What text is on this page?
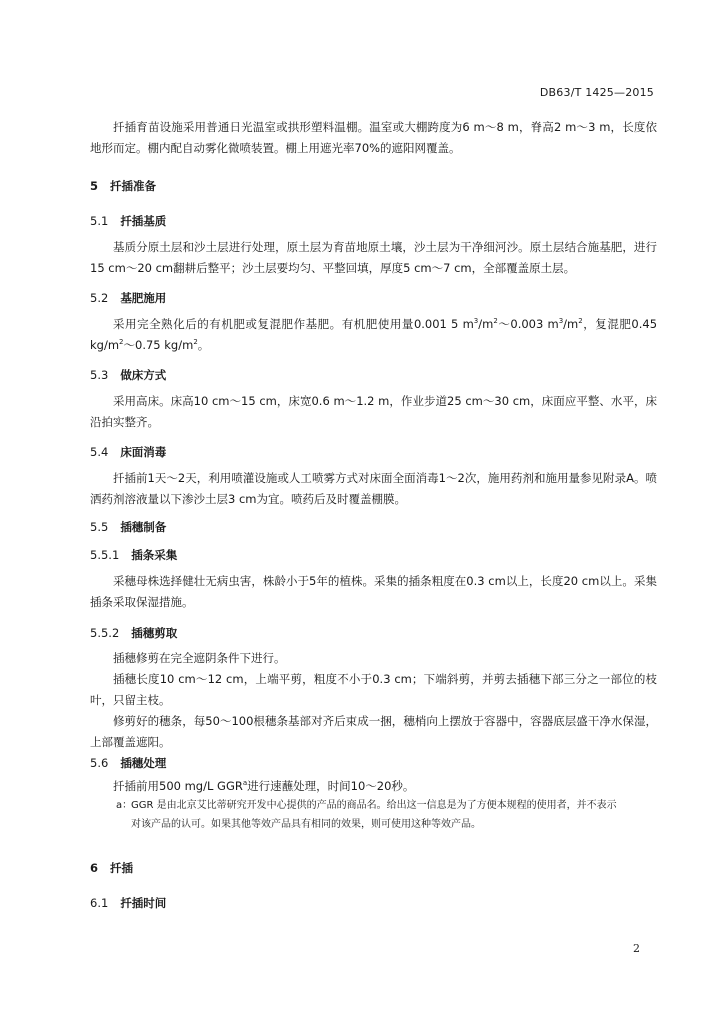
DB63/T 1425—2015

扦插育苗设施采用普通日光温室或拱形塑料温棚。温室或大棚跨度为6 m～8 m，脊高2 m～3 m，长度依地形而定。棚内配自动雾化微喷装置。棚上用遮光率70%的遮阳网覆盖。

5 扦插准备
5.1 扦插基质

基质分原土层和沙土层进行处理，原土层为育苗地原土壤，沙土层为干净细河沙。原土层结合施基肥，进行15 cm～20 cm翻耕后整平；沙土层要均匀、平整回填，厚度5 cm～7 cm，全部覆盖原土层。

5.2 基肥施用

采用完全熟化后的有机肥或复混肥作基肥。有机肥使用量0.001 5 $m^3/m^2\sim 0.003$ $m^3/m^2$，复混肥0.45 $kg/m^2\sim 0.75$ $kg/m^2$。

5.3 做床方式

采用高床。床高10 cm～15 cm，床宽0.6 m～1.2 m，作业步道25 cm～30 cm，床面应平整、水平，床沿拍实整齐。

5.4 床面消毒

扦插前1天～2天，利用喷灌设施或人工喷雾方式对床面全面消毒1～2次，施用药剂和施用量参见附录A。喷洒药剂溶液量以下渗沙土层3 cm为宜。喷药后及时覆盖棚膜。

5.5 插穗制备
5.5.1 插条采集

采穗母株选择健壮无病虫害，株龄小于5年的植株。采集的插条粗度在0.3 cm以上，长度20 cm以上。采集插条采取保湿措施。

5.5.2 插穗剪取

插穗修剪在完全遮阴条件下进行。

插穗长度10 cm～12 cm，上端平剪，粗度不小于0.3 cm；下端斜剪，并剪去插穗下部三分之一部位的枝叶，只留主枝。

修剪好的穗条，每50～100根穗条基部对齐后束成一捆，穗梢向上摆放于容器中，容器底层盛干净水保湿，上部覆盖遮阳。

5.6 插穗处理

扦插前用500 mg/L GGR$^a$进行速蘸处理，时间10～20秒。

a：GGR 是由北京艾比蒂研究开发中心提供的产品的商品名。给出这一信息是为了方便本规程的使用者，并不表示
对该产品的认可。如果其他等效产品具有相同的效果，则可使用这种等效产品。
6 扦插
6.1 扦插时间
2
